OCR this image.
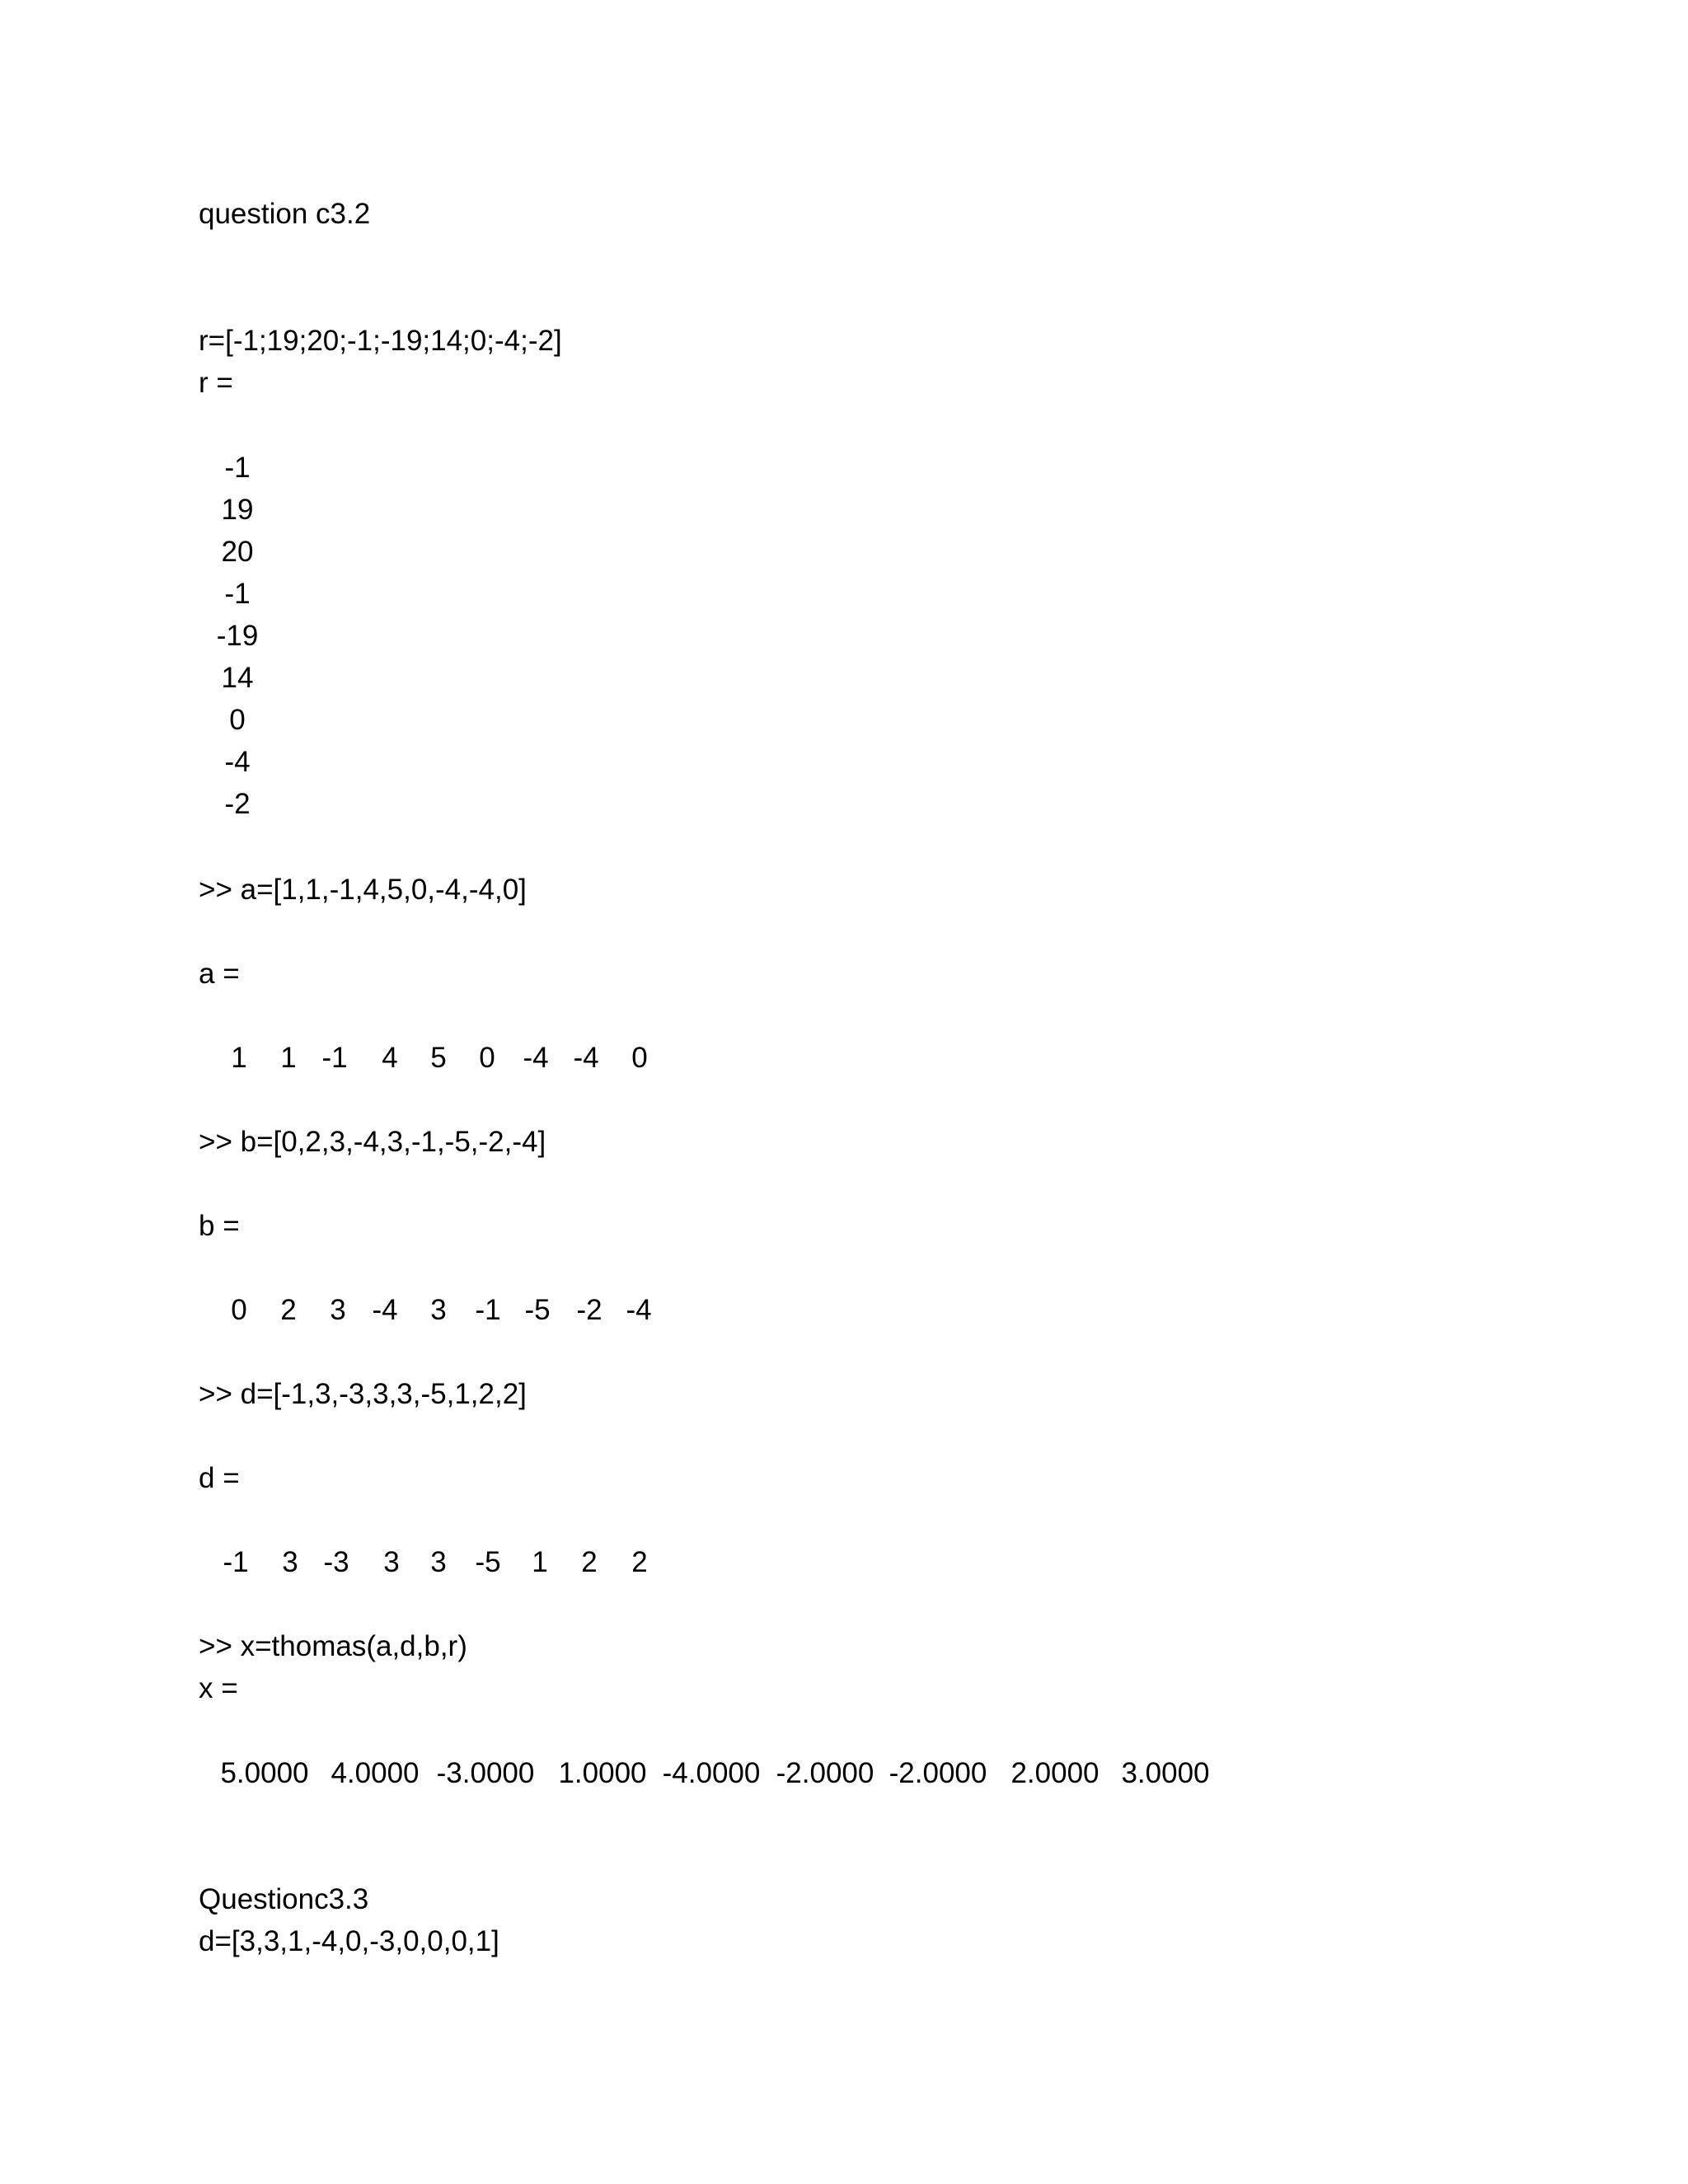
question c3.2
r=[-1;19;20;-1;-19;14;0;-4;-2]
r =
-1
19
20
-1
-19
14
0
-4
-2
>> a=[1,1,-1,4,5,0,-4,-4,0]
a =
1	1 -1	4	5	0 -4 -4	0
>> b=[0,2,3,-4,3,-1,-5,-2,-4]
b =
0	2	3 -4	3 -1 -5 -2 -4
>> d=[-1,3,-3,3,3,-5,1,2,2]
d =
-1	3 -3	3	3 -5	1	2	2
>> x=thomas(a,d,b,r)
x =
5.0000 4.0000 -3.0000 1.0000 -4.0000 -2.0000 -2.0000 2.0000 3.0000
Questionc3.3
d=[3,3,1,-4,0,-3,0,0,0,1]
